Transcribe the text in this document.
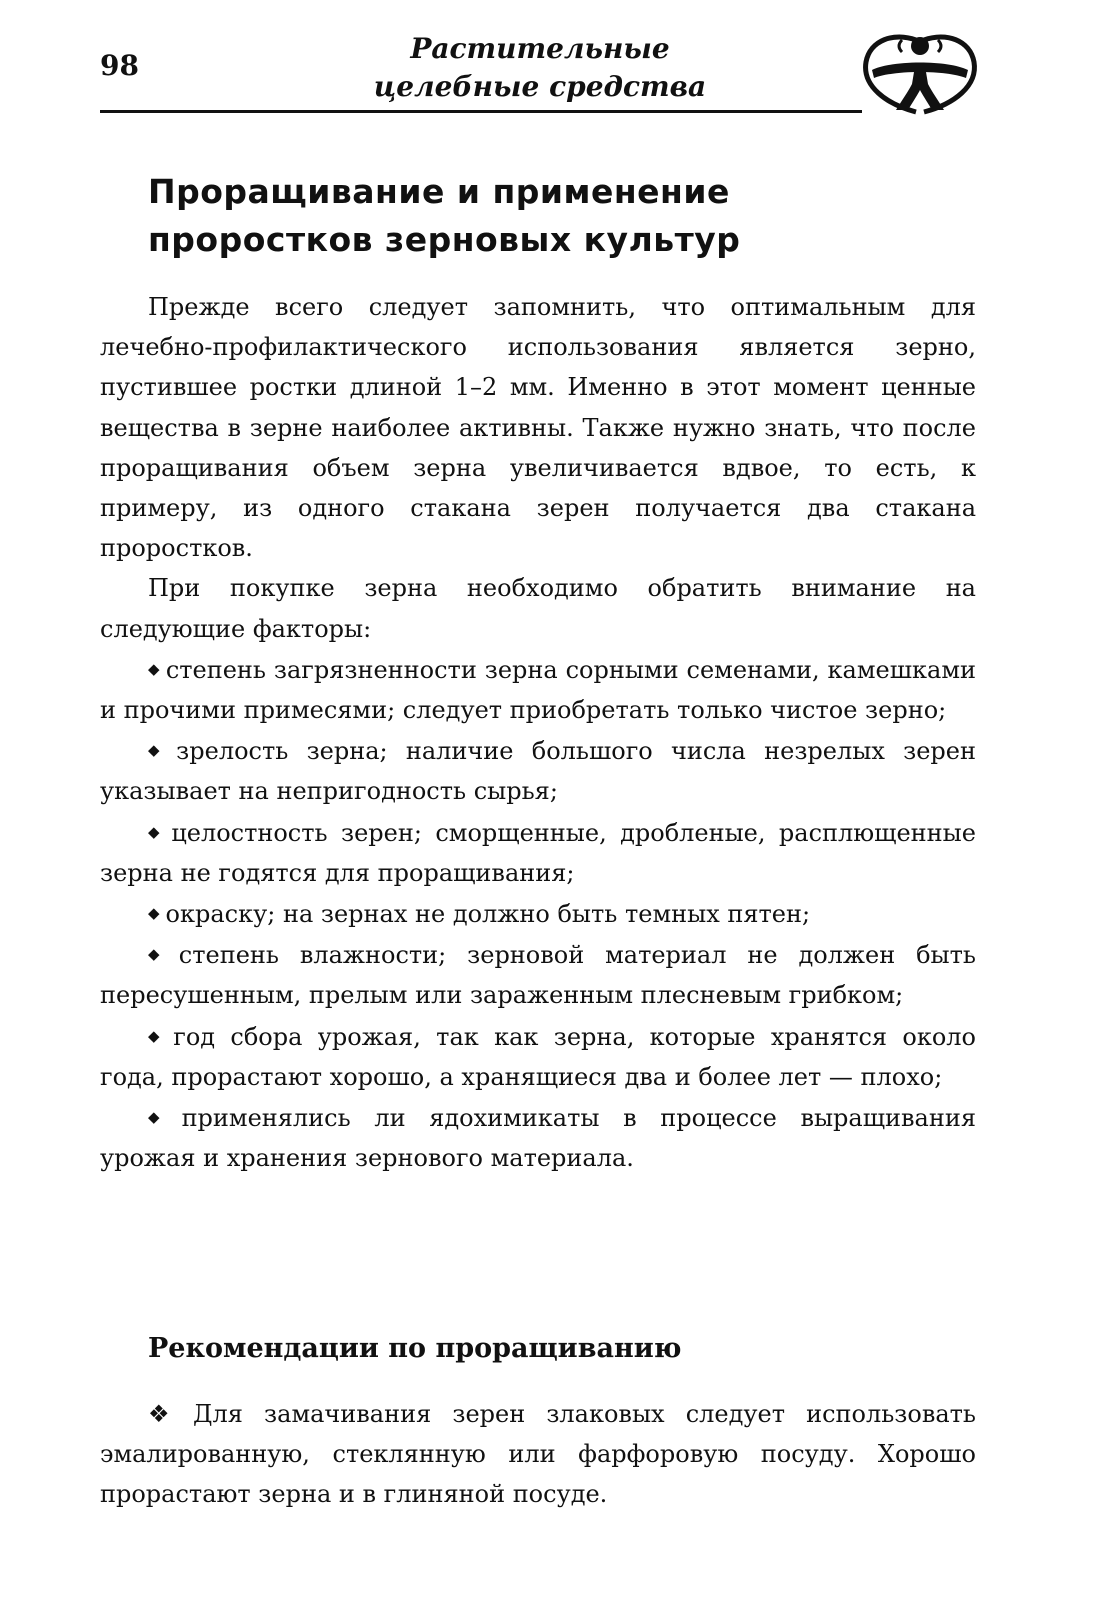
98
Растительные
целебные средства
Проращивание и применение
проростков зерновых культур

Прежде всего следует запомнить, что оптимальным для лечебно-профилактического использования является зерно, пустившее ростки длиной 1–2 мм. Именно в этот момент ценные вещества в зерне наиболее активны. Также нужно знать, что после проращивания объем зерна увеличивается вдвое, то есть, к примеру, из одного стакана зерен получается два стакана проростков.

При покупке зерна необходимо обратить внимание на следующие факторы:

◆ степень загрязненности зерна сорными семенами, камешками и прочими примесями; следует приобретать только чистое зерно;

◆ зрелость зерна; наличие большого числа незрелых зерен указывает на непригодность сырья;

◆ целостность зерен; сморщенные, дробленые, расплющенные зерна не годятся для проращивания;

◆ окраску; на зернах не должно быть темных пятен;

◆ степень влажности; зерновой материал не должен быть пересушенным, прелым или зараженным плесневым грибком;

◆ год сбора урожая, так как зерна, которые хранятся около года, прорастают хорошо, а хранящиеся два и более лет — плохо;

◆ применялись ли ядохимикаты в процессе выращивания урожая и хранения зернового материала.

Рекомендации по проращиванию

❖ Для замачивания зерен злаковых следует использовать эмалированную, стеклянную или фарфоровую посуду. Хорошо прорастают зерна и в глиняной посуде.
